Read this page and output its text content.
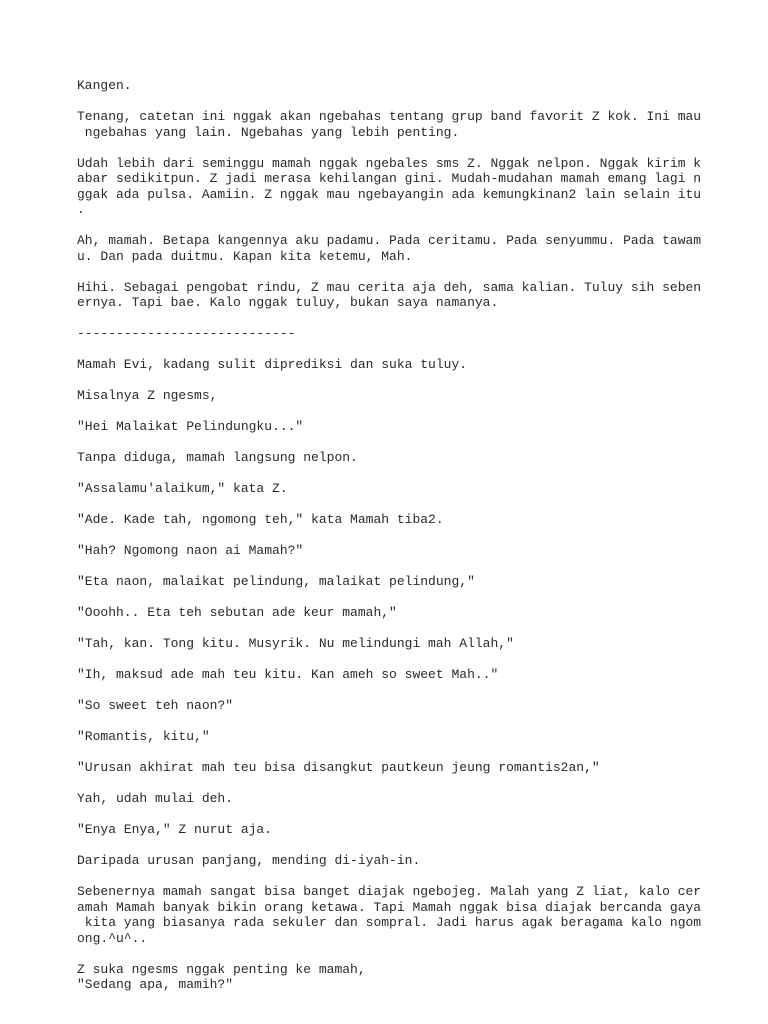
Kangen.
Tenang, catetan ini nggak akan ngebahas tentang grup band favorit Z kok. Ini mau
ngebahas yang lain. Ngebahas yang lebih penting.
Udah lebih dari seminggu mamah nggak ngebales sms Z. Nggak nelpon. Nggak kirim k
abar sedikitpun. Z jadi merasa kehilangan gini. Mudah-mudahan mamah emang lagi n
ggak ada pulsa. Aamiin. Z nggak mau ngebayangin ada kemungkinan2 lain selain itu
.
Ah, mamah. Betapa kangennya aku padamu. Pada ceritamu. Pada senyummu. Pada tawam
u. Dan pada duitmu. Kapan kita ketemu, Mah.
Hihi. Sebagai pengobat rindu, Z mau cerita aja deh, sama kalian. Tuluy sih seben
ernya. Tapi bae. Kalo nggak tuluy, bukan saya namanya.
----------------------------
Mamah Evi, kadang sulit diprediksi dan suka tuluy.
Misalnya Z ngesms,
"Hei Malaikat Pelindungku..."
Tanpa diduga, mamah langsung nelpon.
"Assalamu'alaikum," kata Z.
"Ade. Kade tah, ngomong teh," kata Mamah tiba2.
"Hah? Ngomong naon ai Mamah?"
"Eta naon, malaikat pelindung, malaikat pelindung,"
"Ooohh.. Eta teh sebutan ade keur mamah,"
"Tah, kan. Tong kitu. Musyrik. Nu melindungi mah Allah,"
"Ih, maksud ade mah teu kitu. Kan ameh so sweet Mah.."
"So sweet teh naon?"
"Romantis, kitu,"
"Urusan akhirat mah teu bisa disangkut pautkeun jeung romantis2an,"
Yah, udah mulai deh.
"Enya Enya," Z nurut aja.
Daripada urusan panjang, mending di-iyah-in.
Sebenernya mamah sangat bisa banget diajak ngebojeg. Malah yang Z liat, kalo cer
amah Mamah banyak bikin orang ketawa. Tapi Mamah nggak bisa diajak bercanda gaya
kita yang biasanya rada sekuler dan sompral. Jadi harus agak beragama kalo ngom
ong.^u^..
Z suka ngesms nggak penting ke mamah,
"Sedang apa, mamih?"
